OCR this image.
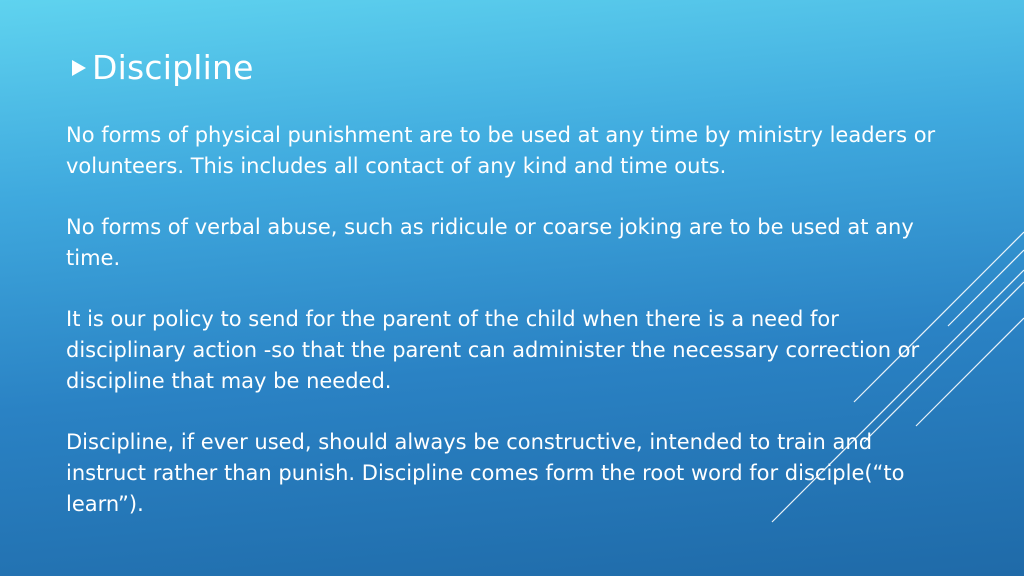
Discipline

No forms of physical punishment are to be used at any time by ministry leaders or volunteers. This includes all contact of any kind and time outs.

No forms of verbal abuse, such as ridicule or coarse joking are to be used at any time.

It is our policy to send for the parent of the child when there is a need for disciplinary action -so that the parent can administer the necessary correction or discipline that may be needed.

Discipline, if ever used, should always be constructive, intended to train and instruct rather than punish. Discipline comes form the root word for disciple(“to learn”).
